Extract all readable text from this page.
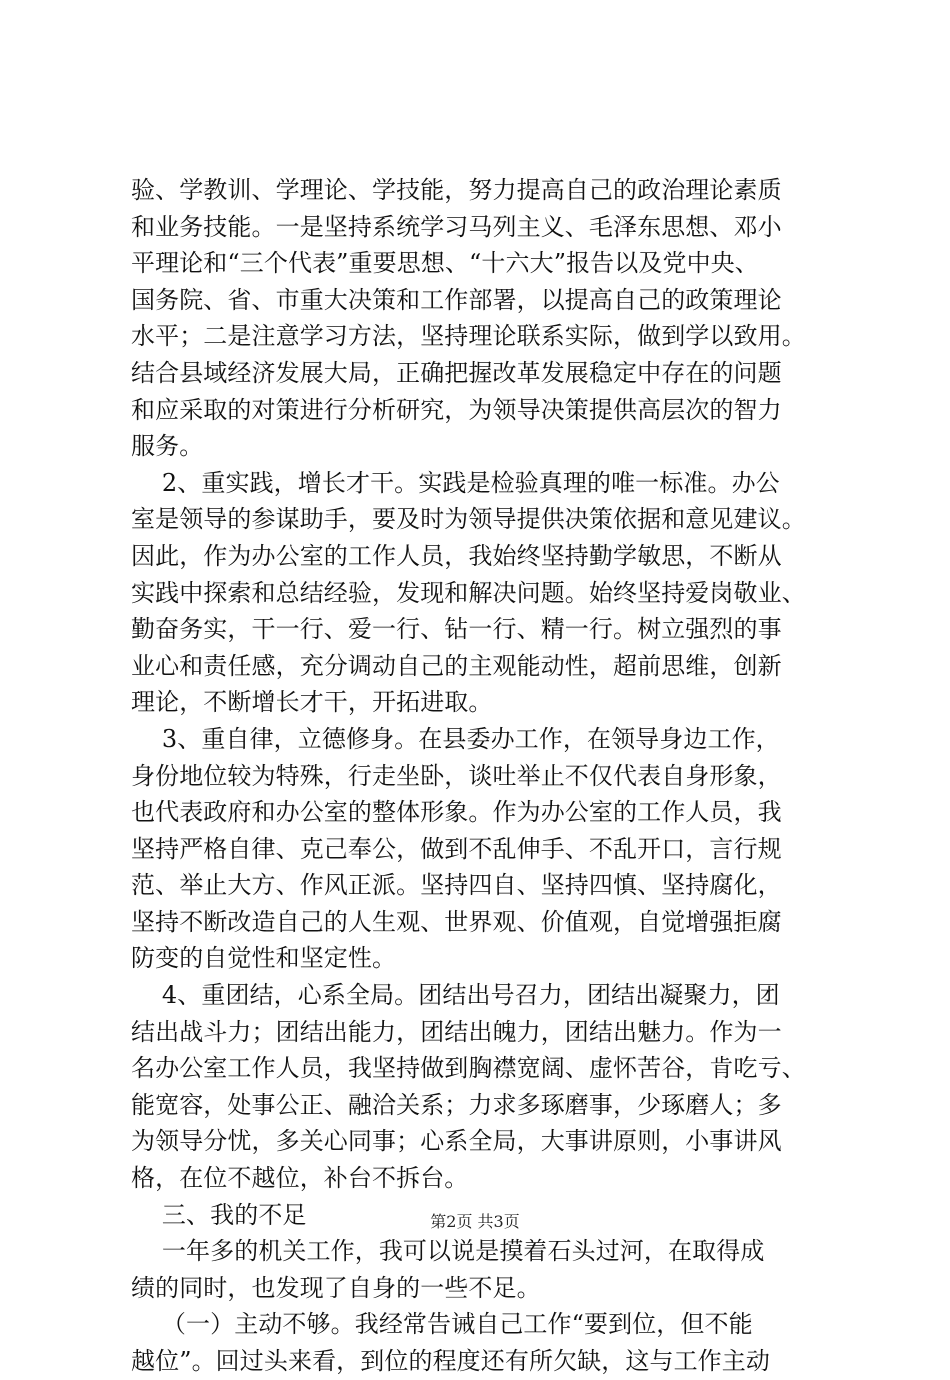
验、学教训、学理论、学技能，努力提高自己的政治理论素质
和业务技能。一是坚持系统学习马列主义、毛泽东思想、邓小
平理论和“三个代表”重要思想、“十六大”报告以及党中央、
国务院、省、市重大决策和工作部署，以提高自己的政策理论
水平；二是注意学习方法，坚持理论联系实际，做到学以致用。
结合县域经济发展大局，正确把握改革发展稳定中存在的问题
和应采取的对策进行分析研究，为领导决策提供高层次的智力
服务。
2、重实践，增长才干。实践是检验真理的唯一标准。办公
室是领导的参谋助手，要及时为领导提供决策依据和意见建议。
因此，作为办公室的工作人员，我始终坚持勤学敏思，不断从
实践中探索和总结经验，发现和解决问题。始终坚持爱岗敬业、
勤奋务实，干一行、爱一行、钻一行、精一行。树立强烈的事
业心和责任感，充分调动自己的主观能动性，超前思维，创新
理论，不断增长才干，开拓进取。
3、重自律，立德修身。在县委办工作，在领导身边工作，
身份地位较为特殊，行走坐卧，谈吐举止不仅代表自身形象，
也代表政府和办公室的整体形象。作为办公室的工作人员，我
坚持严格自律、克己奉公，做到不乱伸手、不乱开口，言行规
范、举止大方、作风正派。坚持四自、坚持四慎、坚持腐化，
坚持不断改造自己的人生观、世界观、价值观，自觉增强拒腐
防变的自觉性和坚定性。
4、重团结，心系全局。团结出号召力，团结出凝聚力，团
结出战斗力；团结出能力，团结出魄力，团结出魅力。作为一
名办公室工作人员，我坚持做到胸襟宽阔、虚怀苦谷，肯吃亏、
能宽容，处事公正、融洽关系；力求多琢磨事，少琢磨人；多
为领导分忧，多关心同事；心系全局，大事讲原则，小事讲风
格，在位不越位，补台不拆台。
三、我的不足
一年多的机关工作，我可以说是摸着石头过河，在取得成
绩的同时，也发现了自身的一些不足。
（一）主动不够。我经常告诫自己工作“要到位，但不能
越位”。回过头来看，到位的程度还有所欠缺，这与工作主动
第2页 共3页
